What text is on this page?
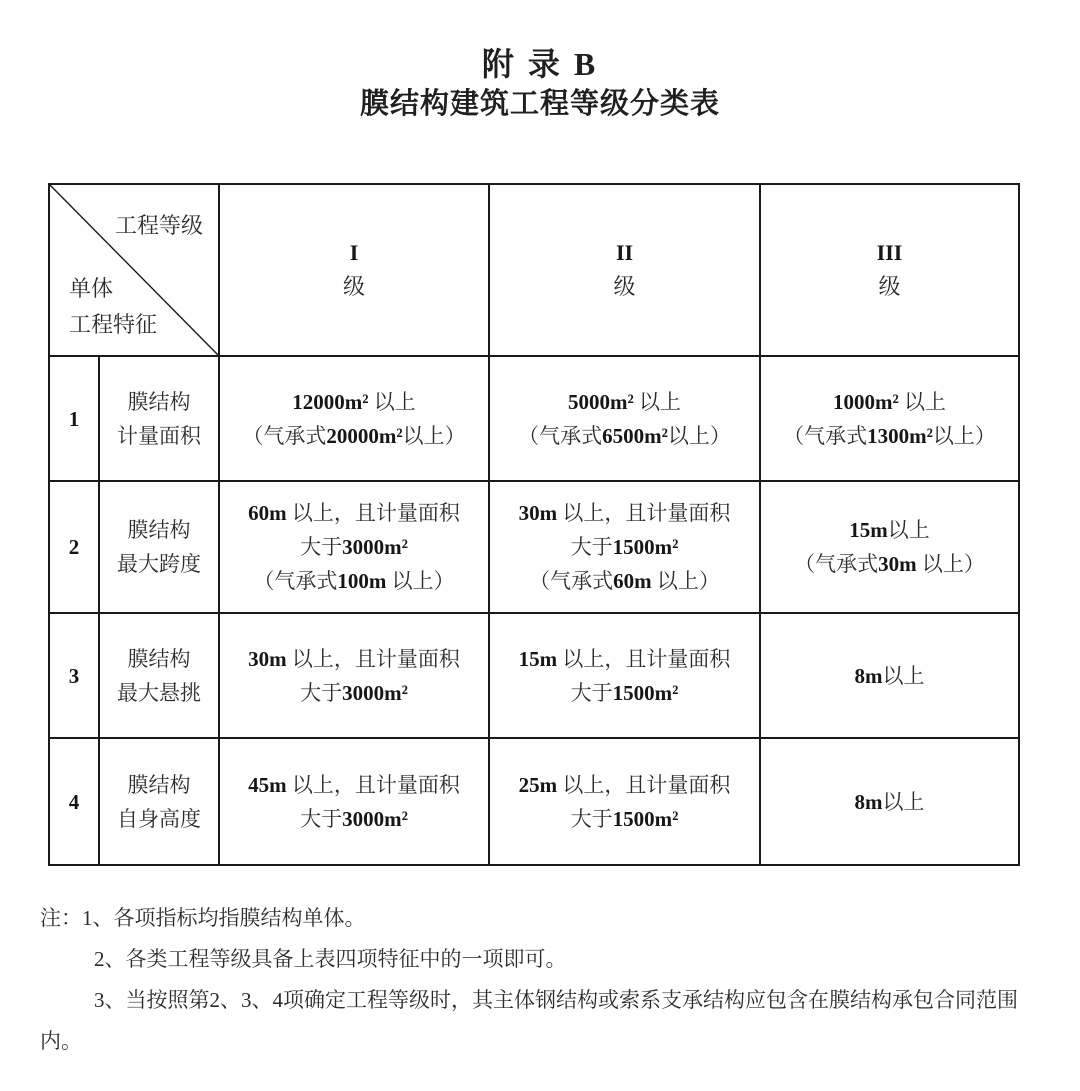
附 录 B
膜结构建筑工程等级分类表
工程等级
单体
工程特征
I
级
II
级
III
级
1
膜结构
计量面积
12000m² 以上
（气承式20000m²以上）
5000m² 以上
（气承式6500m²以上）
1000m² 以上
（气承式1300m²以上）
2
膜结构
最大跨度
60m 以上，且计量面积
大于3000m²
（气承式100m 以上）
30m 以上，且计量面积
大于1500m²
（气承式60m 以上）
15m以上
（气承式30m 以上）
3
膜结构
最大悬挑
30m 以上，且计量面积
大于3000m²
15m 以上，且计量面积
大于1500m²
8m以上
4
膜结构
自身高度
45m 以上，且计量面积
大于3000m²
25m 以上，且计量面积
大于1500m²
8m以上

注：1、各项指标均指膜结构单体。

2、各类工程等级具备上表四项特征中的一项即可。

3、当按照第2、3、4项确定工程等级时，其主体钢结构或索系支承结构应包含在膜结构承包合同范围内。
